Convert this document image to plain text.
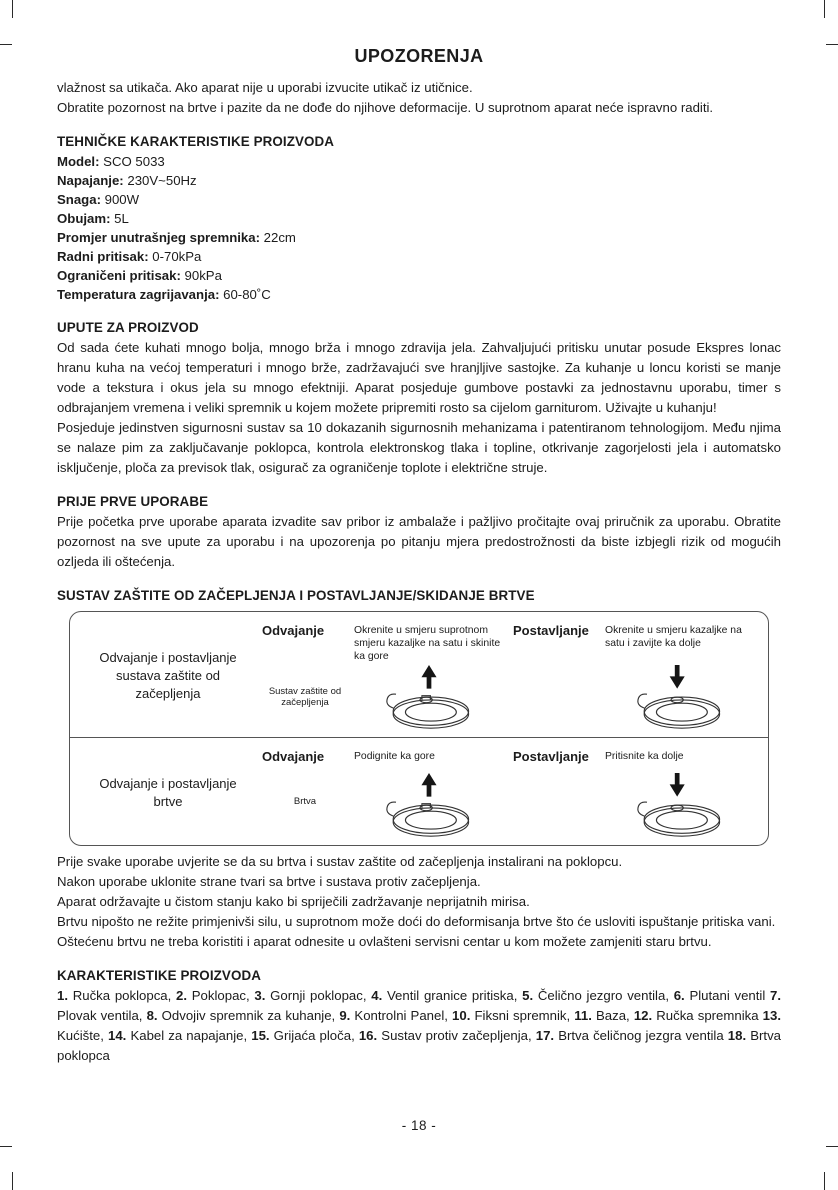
UPOZORENJA

vlažnost sa utikača. Ako aparat nije u uporabi izvucite utikač iz utičnice.

Obratite pozornost na brtve i pazite da ne dođe do njihove deformacije. U suprotnom aparat neće ispravno raditi.

TEHNIČKE KARAKTERISTIKE PROIZVODA

Model: SCO 5033

Napajanje: 230V~50Hz

Snaga: 900W

Obujam: 5L

Promjer unutrašnjeg spremnika: 22cm

Radni pritisak: 0-70kPa

Ograničeni pritisak: 90kPa

Temperatura zagrijavanja: 60-80˚C

UPUTE ZA PROIZVOD

Od sada ćete kuhati mnogo bolja, mnogo brža i mnogo zdravija jela. Zahvaljujući pritisku unutar posude Ekspres lonac hranu kuha na većoj temperaturi i mnogo brže, zadržavajući sve hranjljive sastojke. Za kuhanje u loncu koristi se manje vode a tekstura i okus jela su mnogo efektniji. Aparat posjeduje gumbove postavki za jednostavnu uporabu, timer s odbrajanjem vremena i veliki spremnik u kojem možete pripremiti rosto sa cijelom garniturom. Uživajte u kuhanju!

Posjeduje jedinstven sigurnosni sustav sa 10 dokazanih sigurnosnih mehanizama i patentiranom tehnologijom. Među njima se nalaze pim za zaključavanje poklopca, kontrola elektronskog tlaka i topline, otkrivanje zagorjelosti jela i automatsko isključenje, ploča za previsok tlak, osigurač za ograničenje toplote i električne struje.

PRIJE PRVE UPORABE

Prije početka prve uporabe aparata izvadite sav pribor iz ambalaže i pažljivo pročitajte ovaj priručnik za uporabu. Obratite pozornost na sve upute za uporabu i na upozorenja po pitanju mjera predostrožnosti da biste izbjegli rizik od mogućih ozljeda ili oštećenja.

SUSTAV ZAŠTITE OD ZAČEPLJENJA I POSTAVLJANJE/SKIDANJE BRTVE
Odvajanje i postavljanje sustava zaštite od začepljenja
Odvajanje	Okrenite u smjeru suprotnom smjeru kazaljke na satu i skinite ka gore
Sustav zaštite od začepljenja
Postavljanje	Okrenite u smjeru kazaljke na satu i zavijte ka dolje
Odvajanje i postavljanje brtve
Odvajanje	Podignite ka gore
Brtva
Postavljanje	Pritisnite ka dolje

Prije svake uporabe uvjerite se da su brtva i sustav zaštite od začepljenja instalirani na poklopcu.

Nakon uporabe uklonite strane tvari sa brtve i sustava protiv začepljenja.

Aparat održavajte u čistom stanju kako bi spriječili zadržavanje neprijatnih mirisa.

Brtvu nipošto ne režite primjenivši silu, u suprotnom može doći do deformisanja brtve što će usloviti ispuštanje pritiska vani.

Oštećenu brtvu ne treba koristiti i aparat odnesite u ovlašteni servisni centar u kom možete zamjeniti staru brtvu.

KARAKTERISTIKE PROIZVODA

1. Ručka poklopca, 2. Poklopac, 3. Gornji poklopac, 4. Ventil granice pritiska, 5. Čelično jezgro ventila, 6. Plutani ventil 7. Plovak ventila, 8. Odvojiv spremnik za kuhanje, 9. Kontrolni Panel, 10. Fiksni spremnik, 11. Baza, 12. Ručka spremnika 13. Kućište, 14. Kabel za napajanje, 15. Grijaća ploča, 16. Sustav protiv začepljenja, 17. Brtva čeličnog jezgra ventila 18. Brtva poklopca

- 18 -
